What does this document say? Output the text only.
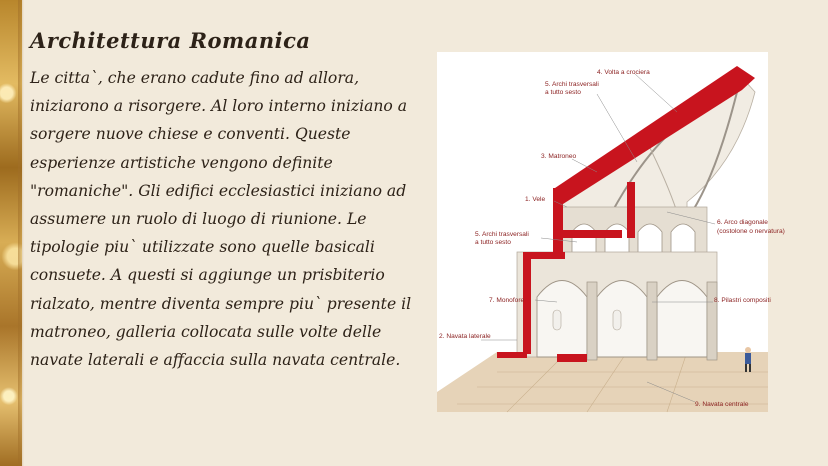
Architettura Romanica

Le citta`, che erano cadute fino ad allora, iniziarono a risorgere. Al loro interno iniziano a sorgere nuove chiese e conventi. Queste esperienze artistiche vengono definite "romaniche". Gli edifici ecclesiastici iniziano ad assumere un ruolo di luogo di riunione. Le tipologie piu` utilizzate sono quelle basicali consuete. A questi si aggiunge un prisbiterio rialzato, mentre diventa sempre piu` presente il matroneo, galleria collocata sulle volte delle navate laterali e affaccia sulla navata centrale.

4. Volta a crociera
5. Archi trasversali
a tutto sesto
3. Matroneo
1. Vele
5. Archi trasversali
a tutto sesto
6. Arco diagonale
(costolone o nervatura)
7. Monofore	8. Pilastri compositi
2. Navata laterale
9. Navata centrale
